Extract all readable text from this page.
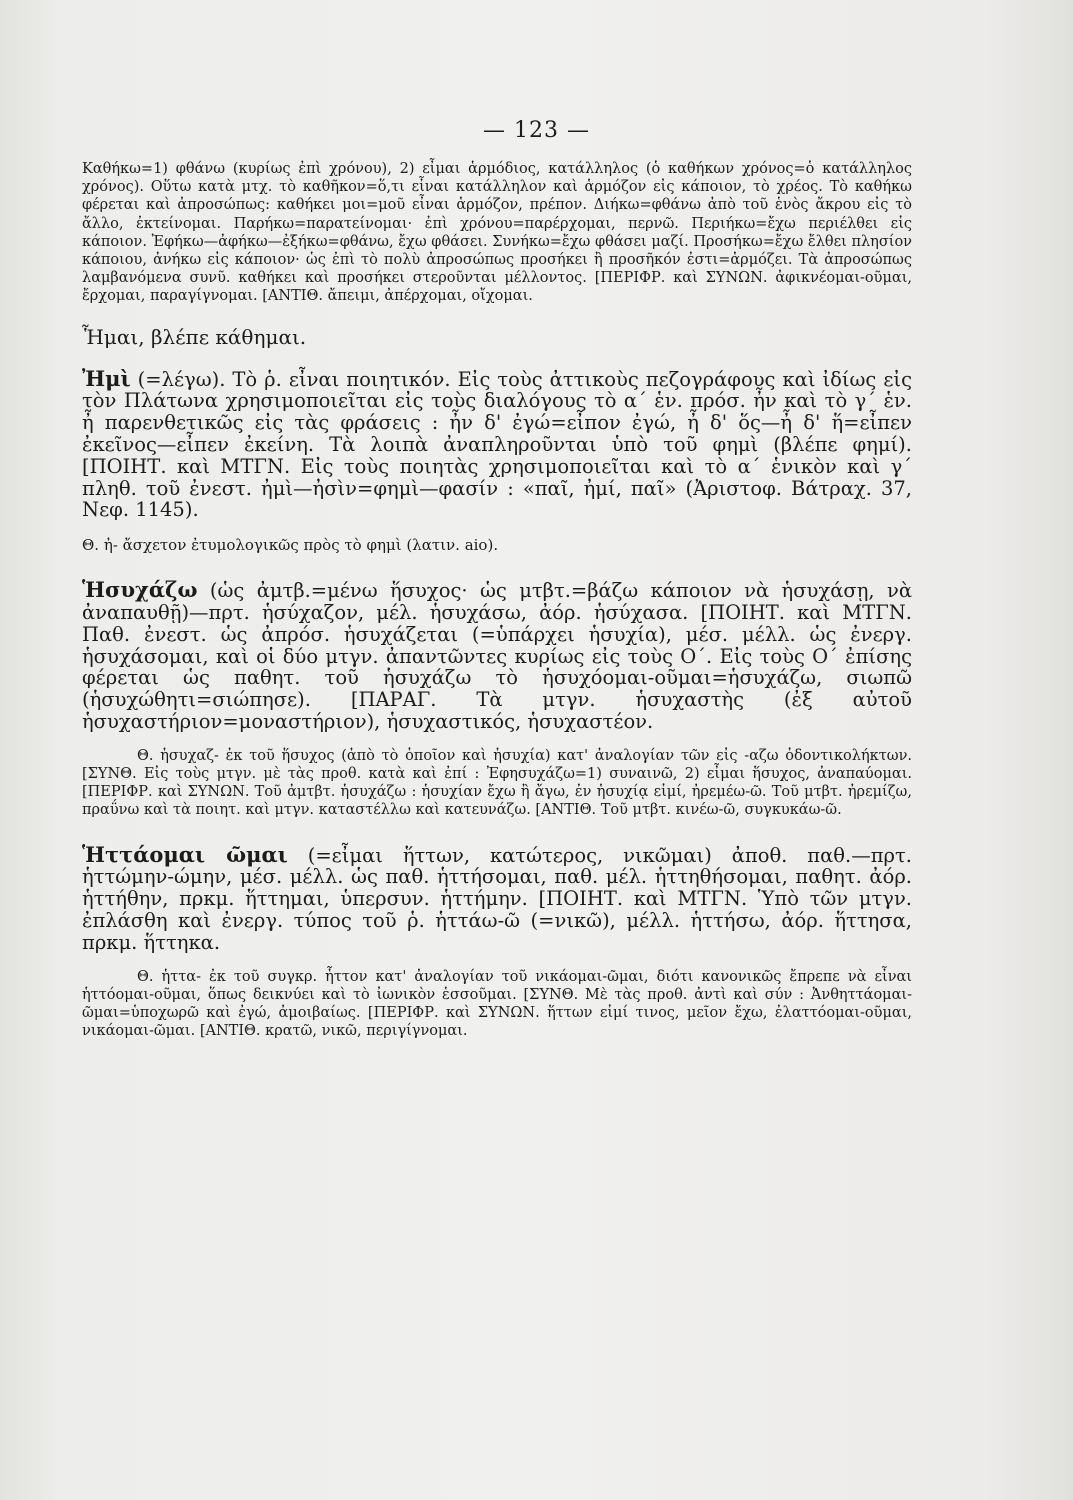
— 123 —

Καθήκω=1) φθάνω (κυρίως ἐπὶ χρόνου), 2) εἶμαι ἁρμόδιος, κατάλληλος (ὁ καθήκων χρόνος=ὁ κατάλληλος χρόνος). Οὕτω κατὰ μτχ. τὸ καθῆκον=ὅ,τι εἶναι κατάλληλον καὶ ἁρμόζον εἰς κάποιον, τὸ χρέος. Τὸ καθήκω φέρεται καὶ ἀπροσώπως: καθήκει μοι=μοῦ εἶναι ἁρμόζον, πρέπον. Διήκω=φθάνω ἀπὸ τοῦ ἑνὸς ἄκρου εἰς τὸ ἄλλο, ἐκτείνομαι. Παρήκω=παρατείνομαι· ἐπὶ χρόνου=παρέρχομαι, περνῶ. Περιήκω=ἔχω περιέλθει εἰς κάποιον. Ἐφήκω—ἀφήκω—ἐξήκω=φθάνω, ἔχω φθάσει. Συνήκω=ἔχω φθάσει μαζί. Προσήκω=ἔχω ἔλθει πλησίον κάποιου, ἀνήκω εἰς κάποιον· ὡς ἐπὶ τὸ πολὺ ἀπροσώπως προσήκει ἢ προσῆκόν ἐστι=ἁρμόζει. Τὰ ἀπροσώπως λαμβανόμενα συνῦ. καθήκει καὶ προσήκει στεροῦνται μέλλοντος. [ΠΕΡΙΦΡ. καὶ ΣΥΝΩΝ. ἀφικνέομαι-οῦμαι, ἔρχομαι, παραγίγνομαι. [ΑΝΤΙΘ. ἄπειμι, ἀπέρχομαι, οἴχομαι.

Ἧμαι, βλέπε κάθημαι.

Ἠμὶ (=λέγω). Τὸ ῥ. εἶναι ποιητικόν. Εἰς τοὺς ἀττικοὺς πεζογράφους καὶ ἰδίως εἰς τὸν Πλάτωνα χρησιμοποιεῖται εἰς τοὺς διαλόγους τὸ α΄ ἑν. πρόσ. ἦν καὶ τὸ γ΄ ἑν. ἦ παρενθετικῶς εἰς τὰς φράσεις : ἦν δ' ἐγώ=εἶπον ἐγώ, ἦ δ' ὅς—ἦ δ' ἥ=εἶπεν ἐκεῖνος—εἶπεν ἐκείνη. Τὰ λοιπὰ ἀναπληροῦνται ὑπὸ τοῦ φημὶ (βλέπε φημί). [ΠΟΙΗΤ. καὶ ΜΤΓΝ. Εἰς τοὺς ποιητὰς χρησιμοποιεῖται καὶ τὸ α΄ ἑνικὸν καὶ γ΄ πληθ. τοῦ ἐνεστ. ἠμὶ—ἠσὶν=φημὶ—φασίν : «παῖ, ἠμί, παῖ» (Ἀριστοφ. Βάτραχ. 37, Νεφ. 1145).

Θ. ἠ- ἄσχετον ἐτυμολογικῶς πρὸς τὸ φημὶ (λατιν. aio).

Ἡσυχάζω (ὡς ἀμτβ.=μένω ἥσυχος· ὡς μτβτ.=βάζω κάποιον νὰ ἡσυχάσῃ, νὰ ἀναπαυθῇ)—πρτ. ἡσύχαζον, μέλ. ἡσυχάσω, ἀόρ. ἡσύχασα. [ΠΟΙΗΤ. καὶ ΜΤΓΝ. Παθ. ἐνεστ. ὡς ἀπρόσ. ἡσυχάζεται (=ὑπάρχει ἡσυχία), μέσ. μέλλ. ὡς ἐνεργ. ἡσυχάσομαι, καὶ οἱ δύο μτγν. ἀπαντῶντες κυρίως εἰς τοὺς Ο΄. Εἰς τοὺς Ο΄ ἐπίσης φέρεται ὡς παθητ. τοῦ ἡσυχάζω τὸ ἡσυχόομαι-οῦμαι=ἡσυχάζω, σιωπῶ (ἡσυχώθητι=σιώπησε). [ΠΑΡΑΓ. Τὰ μτγν. ἡσυχαστὴς (ἐξ αὐτοῦ ἡσυχαστήριον=μοναστήριον), ἡσυχαστικός, ἡσυχαστέον.

Θ. ἡσυχαζ- ἐκ τοῦ ἥσυχος (ἀπὸ τὸ ὁποῖον καὶ ἡσυχία) κατ' ἀναλογίαν τῶν εἰς -αζω ὀδοντικολήκτων. [ΣΥΝΘ. Εἰς τοὺς μτγν. μὲ τὰς προθ. κατὰ καὶ ἐπί : Ἐφησυχάζω=1) συναινῶ, 2) εἶμαι ἥσυχος, ἀναπαύομαι. [ΠΕΡΙΦΡ. καὶ ΣΥΝΩΝ. Τοῦ ἀμτβτ. ἡσυχάζω : ἡσυχίαν ἔχω ἢ ἄγω, ἐν ἡσυχίᾳ εἰμί, ἠρεμέω-ῶ. Τοῦ μτβτ. ἠρεμίζω, πραΰνω καὶ τὰ ποιητ. καὶ μτγν. καταστέλλω καὶ κατευνάζω. [ΑΝΤΙΘ. Τοῦ μτβτ. κινέω-ῶ, συγκυκάω-ῶ.

Ἡττάομαι ῶμαι (=εἶμαι ἥττων, κατώτερος, νικῶμαι) ἀποθ. παθ.—πρτ. ἡττώμην-ώμην, μέσ. μέλλ. ὡς παθ. ἡττήσομαι, παθ. μέλ. ἡττηθήσομαι, παθητ. ἀόρ. ἡττήθην, πρκμ. ἥττημαι, ὑπερσυν. ἡττήμην. [ΠΟΙΗΤ. καὶ ΜΤΓΝ. Ὑπὸ τῶν μτγν. ἐπλάσθη καὶ ἐνεργ. τύπος τοῦ ῥ. ἡττάω-ῶ (=νικῶ), μέλλ. ἡττήσω, ἀόρ. ἥττησα, πρκμ. ἥττηκα.

Θ. ἡττα- ἐκ τοῦ συγκρ. ἧττον κατ' ἀναλογίαν τοῦ νικάομαι-ῶμαι, διότι κανονικῶς ἔπρεπε νὰ εἶναι ἡττόομαι-οῦμαι, ὅπως δεικνύει καὶ τὸ ἰωνικὸν ἑσσοῦμαι. [ΣΥΝΘ. Μὲ τὰς προθ. ἀντὶ καὶ σύν : Ἀνθηττάομαι-ῶμαι=ὑποχωρῶ καὶ ἐγώ, ἀμοιβαίως. [ΠΕΡΙΦΡ. καὶ ΣΥΝΩΝ. ἥττων εἰμί τινος, μεῖον ἔχω, ἐλαττόομαι-οῦμαι, νικάομαι-ῶμαι. [ΑΝΤΙΘ. κρατῶ, νικῶ, περιγίγνομαι.
